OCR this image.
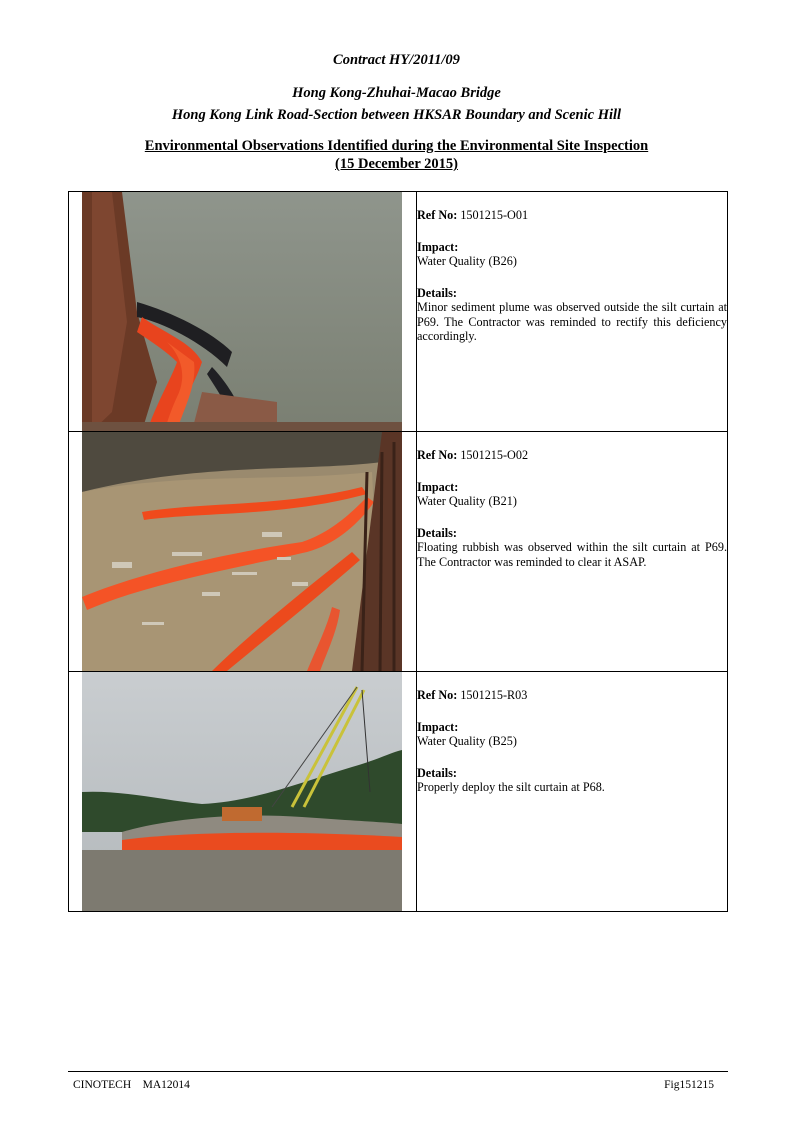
Contract HY/2011/09
Hong Kong-Zhuhai-Macao Bridge
Hong Kong Link Road-Section between HKSAR Boundary and Scenic Hill
Environmental Observations Identified during the Environmental Site Inspection
(15 December 2015)

Ref No: 1501215-O01
Impact:
Water Quality (B26)
Details:
Minor sediment plume was observed outside the silt curtain at P69. The Contractor was reminded to rectify this deficiency accordingly.

Ref No: 1501215-O02
Impact:
Water Quality (B21)
Details:
Floating rubbish was observed within the silt curtain at P69. The Contractor was reminded to clear it ASAP.

Ref No: 1501215-R03
Impact:
Water Quality (B25)
Details:
Properly deploy the silt curtain at P68.
CINOTECH    MA12014	Fig151215
